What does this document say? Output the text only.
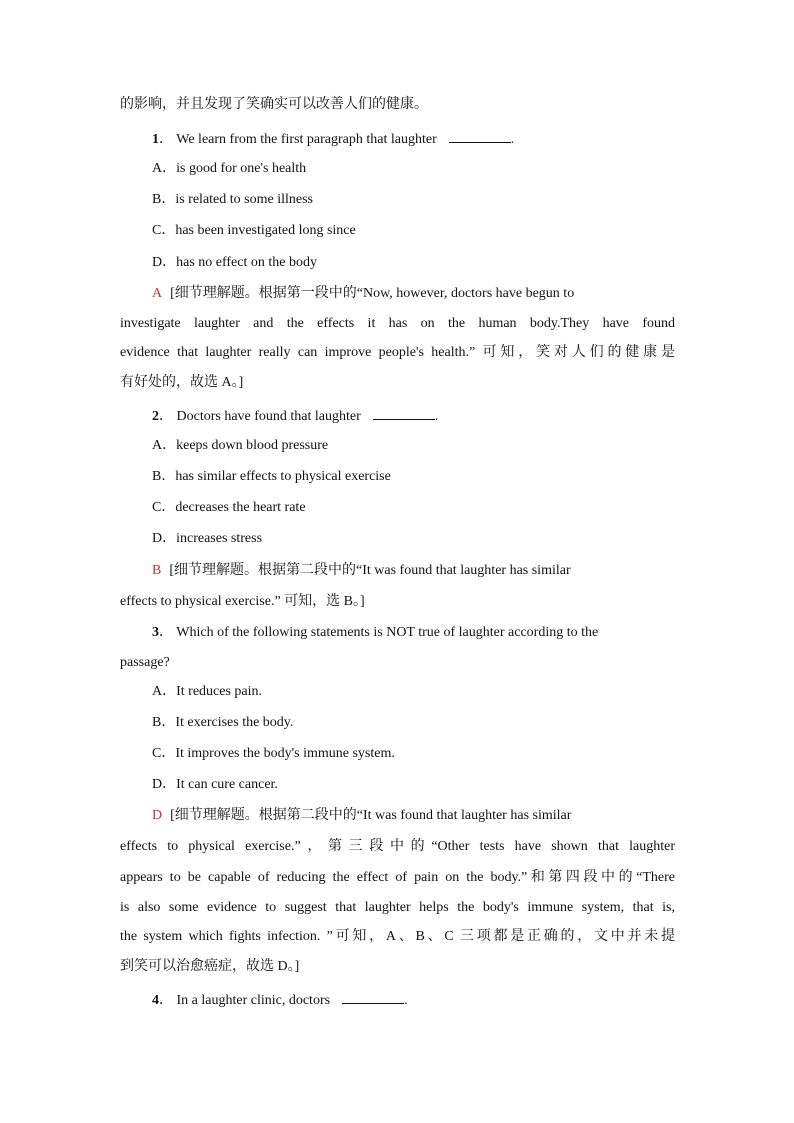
的影响，并且发现了笑确实可以改善人们的健康。
1． We learn from the first paragraph that laughter	.
A．is good for one's health
B．is related to some illness
C．has been investigated long since
D．has no effect on the body
A [细节理解题。根据第一段中的“Now, however, doctors have begun to
investigate laughter and the effects it has on the human body.They have found
evidence that laughter really can improve people's health.” 可知，笑对人们的健康是
有好处的，故选 A。]
2． Doctors have found that laughter	.
A．keeps down blood pressure
B．has similar effects to physical exercise
C．decreases the heart rate
D．increases stress
B [细节理解题。根据第二段中的“It was found that laughter has similar
effects to physical exercise.” 可知，选 B。]
3． Which of the following statements is NOT true of laughter according to the
passage?
A．It reduces pain.
B．It exercises the body.
C．It improves the body's immune system.
D．It can cure cancer.
D [细节理解题。根据第二段中的“It was found that laughter has similar
effects to physical exercise.”，第三段中的“Other tests have shown that laughter
appears to be capable of reducing the effect of pain on the body.”和第四段中的“There
is also some evidence to suggest that laughter helps the body's immune system, that is,
the system which fights infection. ”可知，A、B、C 三项都是正确的，文中并未提
到笑可以治愈癌症，故选 D。]
4． In a laughter clinic, doctors	.
